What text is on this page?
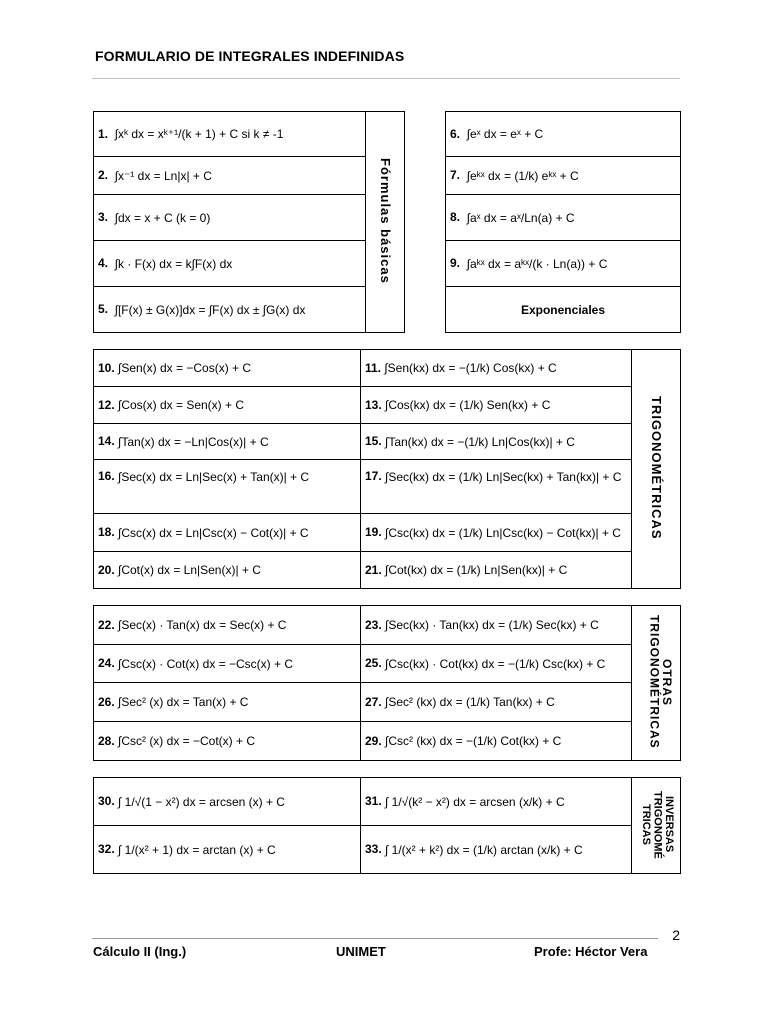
FORMULARIO DE INTEGRALES INDEFINIDAS
1. ∫xᵏ dx = xᵏ⁺¹/(k + 1) + C si k ≠ -1	Fórmulas básicas
2. ∫x⁻¹ dx = Ln|x| + C
3. ∫dx = x + C (k = 0)
4. ∫k · F(x) dx = k∫F(x) dx
5. ∫[F(x) ± G(x)]dx = ∫F(x) dx ± ∫G(x) dx
6. ∫eˣ dx = eˣ + C
7. ∫eᵏˣ dx = (1/k) eᵏˣ + C
8. ∫aˣ dx = aˣ/Ln(a) + C
9. ∫aᵏˣ dx = aᵏˣ/(k · Ln(a)) + C
Exponenciales
10. ∫Sen(x) dx = −Cos(x) + C	11. ∫Sen(kx) dx = −(1/k) Cos(kx) + C	TRIGONOMÉTRICAS
12. ∫Cos(x) dx = Sen(x) + C	13. ∫Cos(kx) dx = (1/k) Sen(kx) + C	
14. ∫Tan(x) dx = −Ln|Cos(x)| + C	15. ∫Tan(kx) dx = −(1/k) Ln|Cos(kx)| + C	
16. ∫Sec(x) dx = Ln|Sec(x) + Tan(x)| + C	17. ∫Sec(kx) dx = (1/k) Ln|Sec(kx) + Tan(kx)| + C	
18. ∫Csc(x) dx = Ln|Csc(x) − Cot(x)| + C	19. ∫Csc(kx) dx = (1/k) Ln|Csc(kx) − Cot(kx)| + C	
20. ∫Cot(x) dx = Ln|Sen(x)| + C	21. ∫Cot(kx) dx = (1/k) Ln|Sen(kx)| + C	
22. ∫Sec(x) · Tan(x) dx = Sec(x) + C	23. ∫Sec(kx) · Tan(kx) dx = (1/k) Sec(kx) + C	OTRAS TRIGONOMÉTRICAS
24. ∫Csc(x) · Cot(x) dx = −Csc(x) + C	25. ∫Csc(kx) · Cot(kx) dx = −(1/k) Csc(kx) + C	
26. ∫Sec² (x) dx = Tan(x) + C	27. ∫Sec² (kx) dx = (1/k) Tan(kx) + C	
28. ∫Csc² (x) dx = −Cot(x) + C	29. ∫Csc² (kx) dx = −(1/k) Cot(kx) + C	
30. ∫ 1/√(1 − x²) dx = arcsen (x) + C	31. ∫ 1/√(k² − x²) dx = arcsen (x/k) + C	INVERSAS TRIGONOMÉ TRICAS
32. ∫ 1/(x² + 1) dx = arctan (x) + C	33. ∫ 1/(x² + k²) dx = (1/k) arctan (x/k) + C	
2
Cálculo II (Ing.)	UNIMET	Profe: Héctor Vera
